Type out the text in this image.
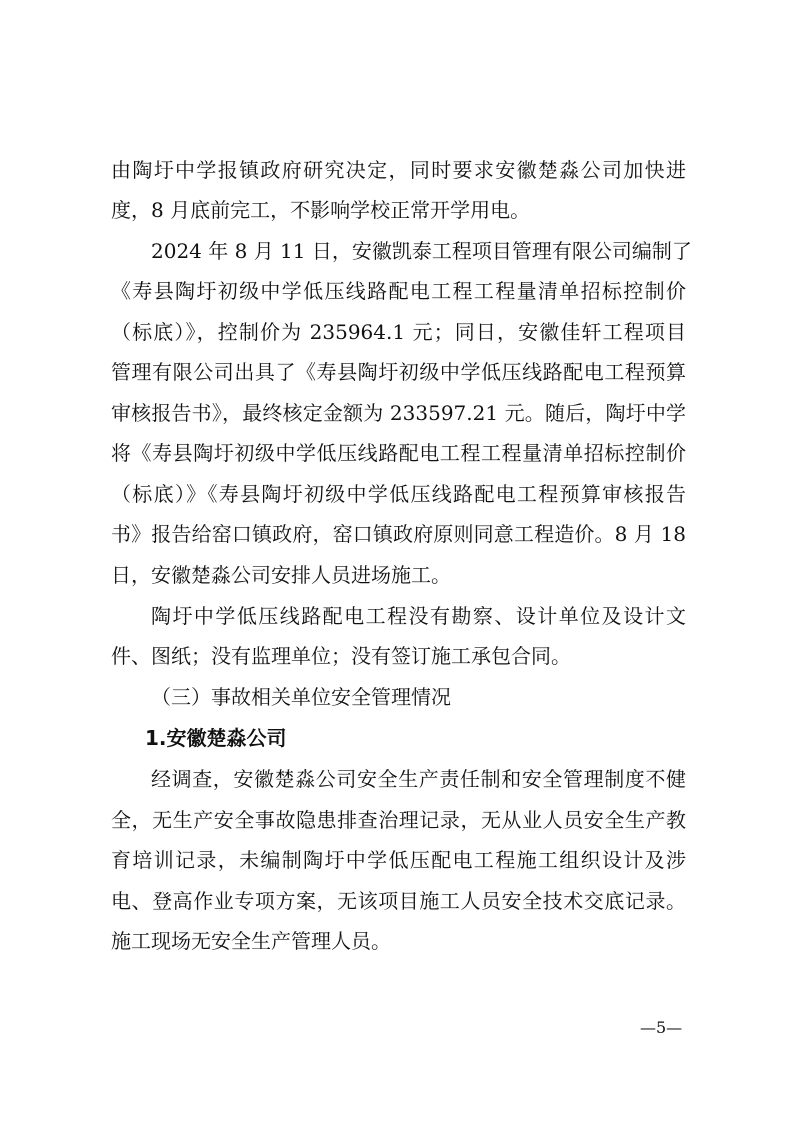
由陶圩中学报镇政府研究决定，同时要求安徽楚淼公司加快进
度，8 月底前完工，不影响学校正常开学用电。
2024 年 8 月 11 日，安徽凯泰工程项目管理有限公司编制了
《寿县陶圩初级中学低压线路配电工程工程量清单招标控制价
（标底）》，控制价为 235964.1 元；同日，安徽佳轩工程项目
管理有限公司出具了《寿县陶圩初级中学低压线路配电工程预算
审核报告书》，最终核定金额为 233597.21 元。随后，陶圩中学
将《寿县陶圩初级中学低压线路配电工程工程量清单招标控制价
（标底）》《寿县陶圩初级中学低压线路配电工程预算审核报告
书》报告给窑口镇政府，窑口镇政府原则同意工程造价。8 月 18
日，安徽楚淼公司安排人员进场施工。
陶圩中学低压线路配电工程没有勘察、设计单位及设计文
件、图纸；没有监理单位；没有签订施工承包合同。
（三）事故相关单位安全管理情况
1.安徽楚淼公司
经调查，安徽楚淼公司安全生产责任制和安全管理制度不健
全，无生产安全事故隐患排查治理记录，无从业人员安全生产教
育培训记录，未编制陶圩中学低压配电工程施工组织设计及涉
电、登高作业专项方案，无该项目施工人员安全技术交底记录。
施工现场无安全生产管理人员。
—5—
